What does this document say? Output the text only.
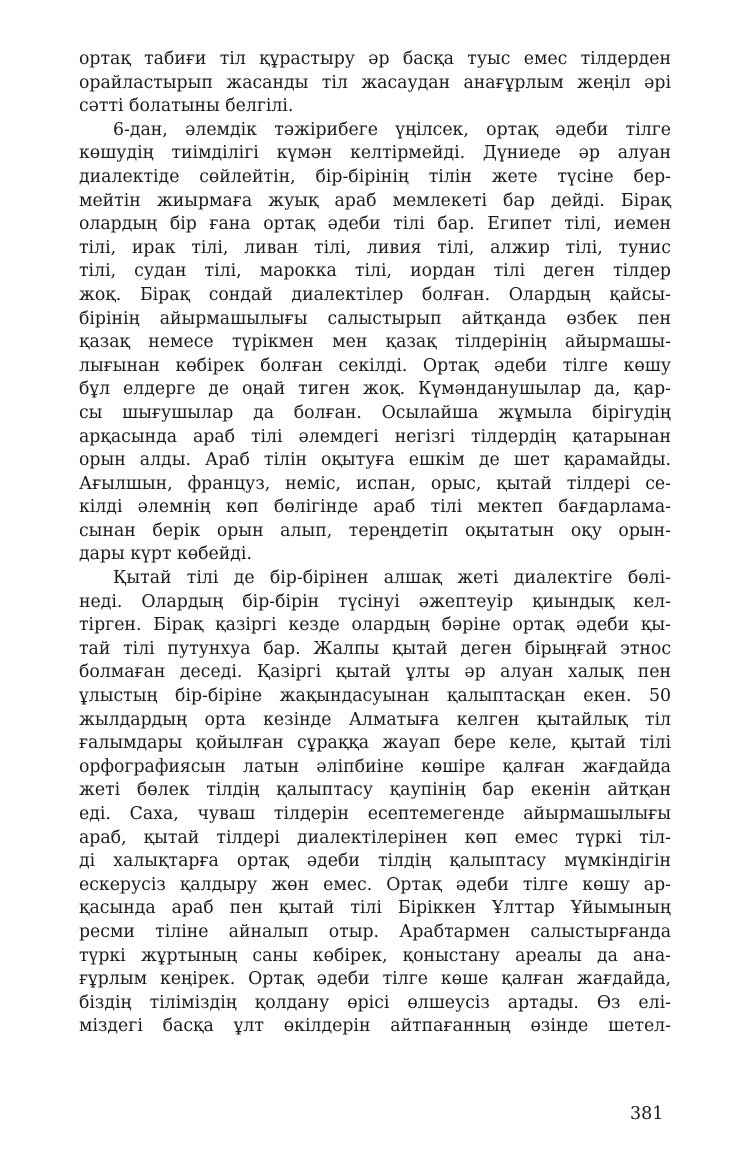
ортақ табиғи тіл құрастыру әр басқа туыс емес тілдерден
орайластырып жасанды тіл жасаудан анағұрлым жеңіл әрі
сәтті болатыны белгілі.
6-дан, әлемдік тәжірибеге үңілсек, ортақ әдеби тілге
көшудің тиімділігі күмән келтірмейді. Дүниеде әр алуан
диалектіде сөйлейтін, бір-бірінің тілін жете түсіне бер-
мейтін жиырмаға жуық араб мемлекеті бар дейді. Бірақ
олардың бір ғана ортақ әдеби тілі бар. Египет тілі, иемен
тілі, ирак тілі, ливан тілі, ливия тілі, алжир тілі, тунис
тілі, судан тілі, марокка тілі, иордан тілі деген тілдер
жоқ. Бірақ сондай диалектілер болған. Олардың қайсы-
бірінің айырмашылығы салыстырып айтқанда өзбек пен
қазақ немесе түрікмен мен қазақ тілдерінің айырмашы-
лығынан көбірек болған секілді. Ортақ әдеби тілге көшу
бұл елдерге де оңай тиген жоқ. Күмәнданушылар да, қар-
сы шығушылар да болған. Осылайша жұмыла бірігудің
арқасында араб тілі әлемдегі негізгі тілдердің қатарынан
орын алды. Араб тілін оқытуға ешкім де шет қарамайды.
Ағылшын, француз, неміс, испан, орыс, қытай тілдері се-
кілді әлемнің көп бөлігінде араб тілі мектеп бағдарлама-
сынан берік орын алып, тереңдетіп оқытатын оқу орын-
дары күрт көбейді.
Қытай тілі де бір-бірінен алшақ жеті диалектіге бөлі-
неді. Олардың бір-бірін түсінуі әжептеуір қиындық кел-
тірген. Бірақ қазіргі кезде олардың бәріне ортақ әдеби қы-
тай тілі путунхуа бар. Жалпы қытай деген бірыңғай этнос
болмаған деседі. Қазіргі қытай ұлты әр алуан халық пен
ұлыстың бір-біріне жақындасуынан қалыптасқан екен. 50
жылдардың орта кезінде Алматыға келген қытайлық тіл
ғалымдары қойылған сұраққа жауап бере келе, қытай тілі
орфографиясын латын әліпбиіне көшіре қалған жағдайда
жеті бөлек тілдің қалыптасу қаупінің бар екенін айтқан
еді. Саха, чуваш тілдерін есептемегенде айырмашылығы
араб, қытай тілдері диалектілерінен көп емес түркі тіл-
ді халықтарға ортақ әдеби тілдің қалыптасу мүмкіндігін
ескерусіз қалдыру жөн емес. Ортақ әдеби тілге көшу ар-
қасында араб пен қытай тілі Біріккен Ұлттар Ұйымының
ресми тіліне айналып отыр. Арабтармен салыстырғанда
түркі жұртының саны көбірек, қоныстану ареалы да ана-
ғұрлым кеңірек. Ортақ әдеби тілге көше қалған жағдайда,
біздің тіліміздің қолдану өрісі өлшеусіз артады. Өз елі-
міздегі басқа ұлт өкілдерін айтпағанның өзінде шетел-
381
